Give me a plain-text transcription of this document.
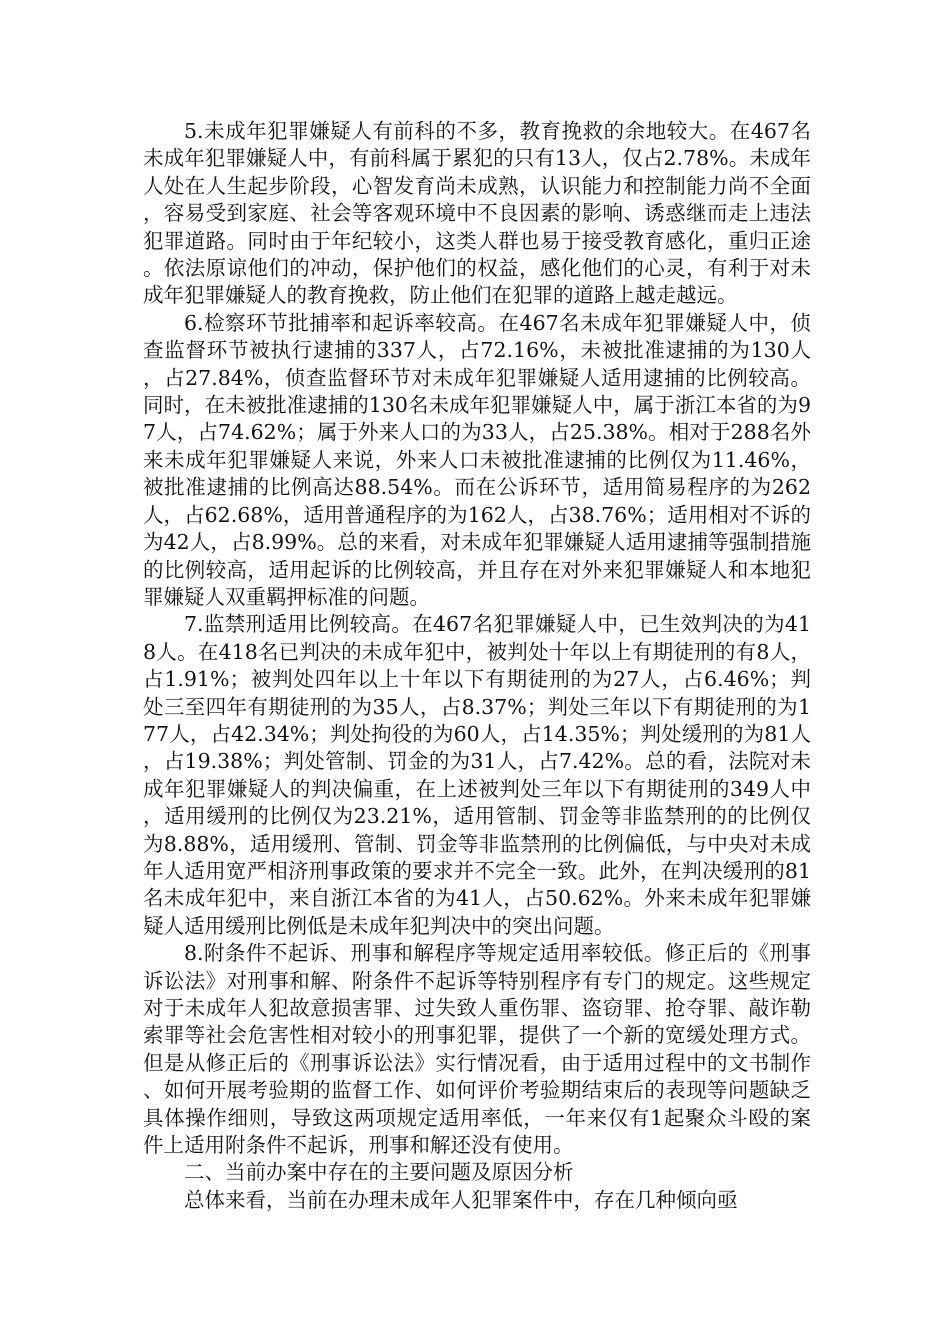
5.未成年犯罪嫌疑人有前科的不多，教育挽救的余地较大。在467名未成年犯罪嫌疑人中，有前科属于累犯的只有13人，仅占2.78%。未成年人处在人生起步阶段，心智发育尚未成熟，认识能力和控制能力尚不全面，容易受到家庭、社会等客观环境中不良因素的影响、诱惑继而走上违法犯罪道路。同时由于年纪较小，这类人群也易于接受教育感化，重归正途。依法原谅他们的冲动，保护他们的权益，感化他们的心灵，有利于对未成年犯罪嫌疑人的教育挽救，防止他们在犯罪的道路上越走越远。

6.检察环节批捕率和起诉率较高。在467名未成年犯罪嫌疑人中，侦查监督环节被执行逮捕的337人，占72.16%，未被批准逮捕的为130人，占27.84%，侦查监督环节对未成年犯罪嫌疑人适用逮捕的比例较高。同时，在未被批准逮捕的130名未成年犯罪嫌疑人中，属于浙江本省的为97人，占74.62%；属于外来人口的为33人，占25.38%。相对于288名外来未成年犯罪嫌疑人来说，外来人口未被批准逮捕的比例仅为11.46%，被批准逮捕的比例高达88.54%。而在公诉环节，适用简易程序的为262人，占62.68%，适用普通程序的为162人，占38.76%；适用相对不诉的为42人，占8.99%。总的来看，对未成年犯罪嫌疑人适用逮捕等强制措施的比例较高，适用起诉的比例较高，并且存在对外来犯罪嫌疑人和本地犯罪嫌疑人双重羁押标准的问题。

7.监禁刑适用比例较高。在467名犯罪嫌疑人中，已生效判决的为418人。在418名已判决的未成年犯中，被判处十年以上有期徒刑的有8人，占1.91%；被判处四年以上十年以下有期徒刑的为27人，占6.46%；判处三至四年有期徒刑的为35人，占8.37%；判处三年以下有期徒刑的为177人，占42.34%；判处拘役的为60人，占14.35%；判处缓刑的为81人，占19.38%；判处管制、罚金的为31人，占7.42%。总的看，法院对未成年犯罪嫌疑人的判决偏重，在上述被判处三年以下有期徒刑的349人中，适用缓刑的比例仅为23.21%，适用管制、罚金等非监禁刑的的比例仅为8.88%，适用缓刑、管制、罚金等非监禁刑的比例偏低，与中央对未成年人适用宽严相济刑事政策的要求并不完全一致。此外，在判决缓刑的81名未成年犯中，来自浙江本省的为41人，占50.62%。外来未成年犯罪嫌疑人适用缓刑比例低是未成年犯判决中的突出问题。

8.附条件不起诉、刑事和解程序等规定适用率较低。修正后的《刑事诉讼法》对刑事和解、附条件不起诉等特别程序有专门的规定。这些规定对于未成年人犯故意损害罪、过失致人重伤罪、盗窃罪、抢夺罪、敲诈勒索罪等社会危害性相对较小的刑事犯罪，提供了一个新的宽缓处理方式。但是从修正后的《刑事诉讼法》实行情况看，由于适用过程中的文书制作、如何开展考验期的监督工作、如何评价考验期结束后的表现等问题缺乏具体操作细则，导致这两项规定适用率低，一年来仅有1起聚众斗殴的案件上适用附条件不起诉，刑事和解还没有使用。

二、当前办案中存在的主要问题及原因分析

总体来看，当前在办理未成年人犯罪案件中，存在几种倾向亟
